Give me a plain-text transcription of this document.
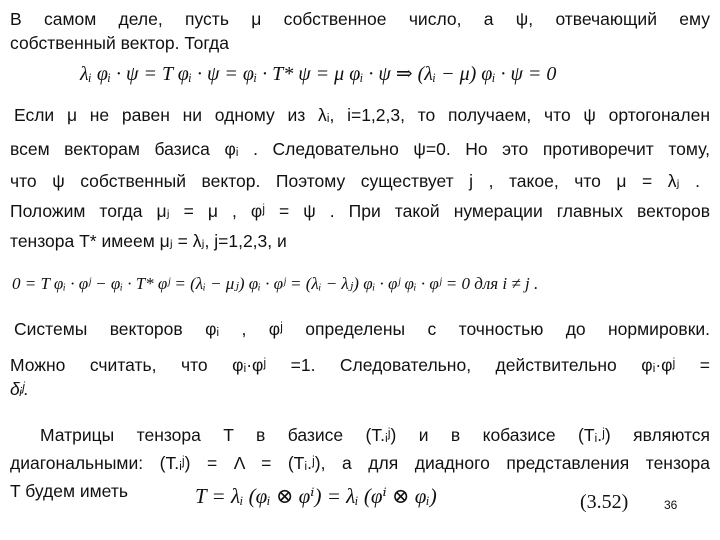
В самом деле, пусть μ собственное число, а ψ, отвечающий ему
собственный вектор. Тогда
λᵢ φᵢ · ψ = T φᵢ · ψ = φᵢ · T* ψ = μ φᵢ · ψ ⇒ (λᵢ − μ) φᵢ · ψ = 0
Если μ не равен ни одному из λᵢ, i=1,2,3, то получаем, что ψ ортогонален
всем векторам базиса φᵢ . Следовательно ψ=0. Но это противоречит тому,
что ψ собственный вектор. Поэтому существует j , такое, что μ = λⱼ .
Положим тогда μⱼ = μ , φʲ = ψ . При такой нумерации главных векторов
тензора T* имеем μⱼ = λⱼ, j=1,2,3, и
0 = T φᵢ · φʲ − φᵢ · T* φʲ = (λᵢ − μⱼ) φᵢ · φʲ = (λᵢ − λⱼ) φᵢ · φʲ φᵢ · φʲ = 0 для i ≠ j .
Системы векторов φᵢ , φʲ определены с точностью до нормировки.
Можно считать, что φᵢ·φʲ =1. Следовательно, действительно φᵢ·φʲ =
δᵢʲ.
Матрицы тензора T в базисе (T.ᵢʲ) и в кобазисе (Tᵢ.ʲ) являются
диагональными: (T.ᵢʲ) = Λ = (Tᵢ.ʲ), а для диадного представления тензора
T будем иметь	T = λᵢ (φᵢ ⊗ φⁱ) = λᵢ (φⁱ ⊗ φᵢ)	(3.52)	36
